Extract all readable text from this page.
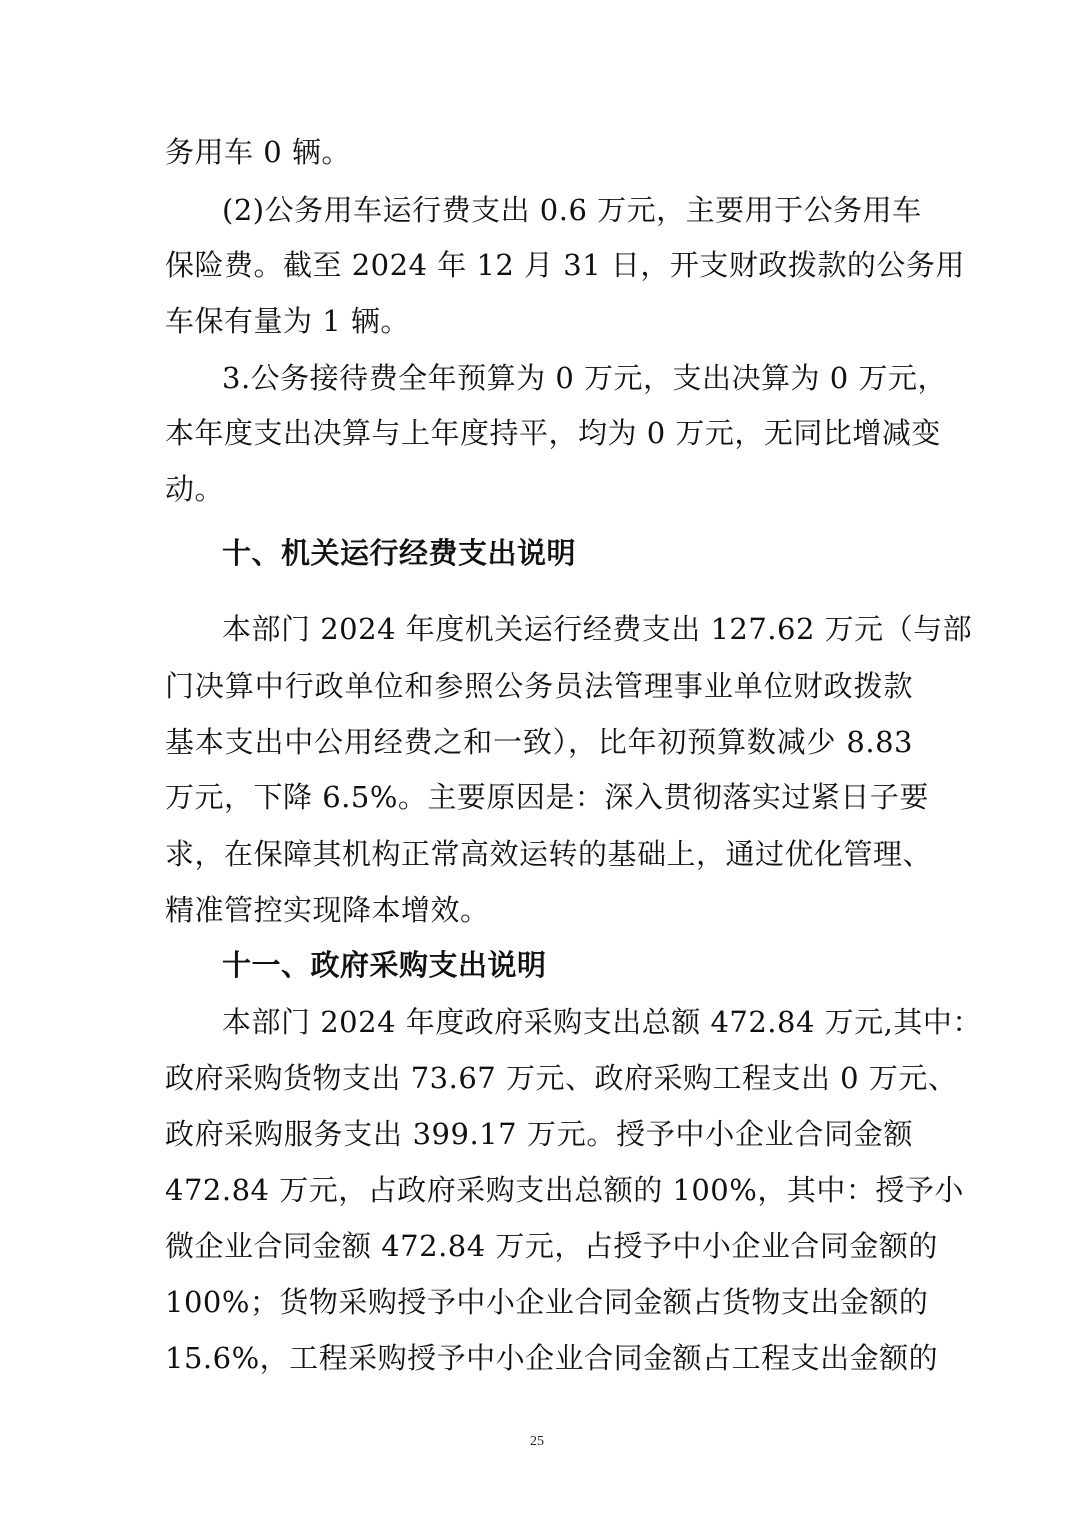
务用车 0 辆。
(2)公务用车运行费支出 0.6 万元，主要用于公务用车
保险费。截至 2024 年 12 月 31 日，开支财政拨款的公务用
车保有量为 1 辆。
3.公务接待费全年预算为 0 万元，支出决算为 0 万元，
本年度支出决算与上年度持平，均为 0 万元，无同比增减变
动。
十、机关运行经费支出说明
本部门 2024 年度机关运行经费支出 127.62 万元（与部
门决算中行政单位和参照公务员法管理事业单位财政拨款
基本支出中公用经费之和一致），比年初预算数减少 8.83
万元，下降 6.5%。主要原因是：深入贯彻落实过紧日子要
求，在保障其机构正常高效运转的基础上，通过优化管理、
精准管控实现降本增效。
十一、政府采购支出说明
本部门 2024 年度政府采购支出总额 472.84 万元,其中：
政府采购货物支出 73.67 万元、政府采购工程支出 0 万元、
政府采购服务支出 399.17 万元。授予中小企业合同金额
472.84 万元，占政府采购支出总额的 100%，其中：授予小
微企业合同金额 472.84 万元，占授予中小企业合同金额的
100%；货物采购授予中小企业合同金额占货物支出金额的
15.6%，工程采购授予中小企业合同金额占工程支出金额的
25
